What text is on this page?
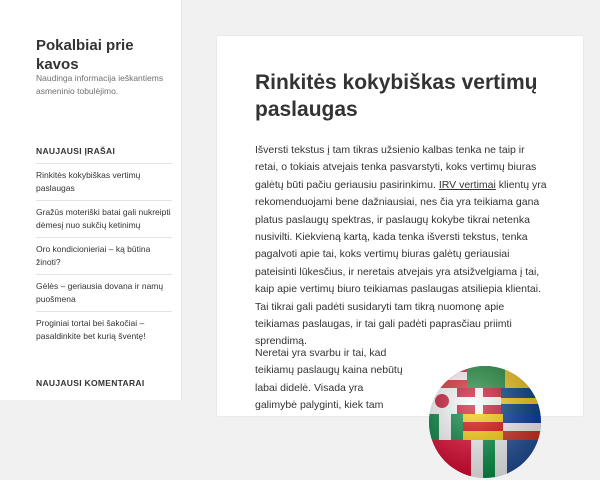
Pokalbiai prie kavos
Naudinga informacija ieškantiems asmeninio tobulėjimo.
NAUJAUSI ĮRAŠAI
Rinkitės kokybiškas vertimų paslaugas
Gražūs moteriški batai gali nukreipti dėmesį nuo sukčių ketinimų
Oro kondicionieriai – ką būtina žinoti?
Gėlės – geriausia dovana ir namų puošmena
Proginiai tortai bei šakočiai – pasaldinkite bet kurią šventę!
NAUJAUSI KOMENTARAI
Rinkitės kokybiškas vertimų paslaugas

Išversti tekstus į tam tikras užsienio kalbas tenka ne taip ir retai, o tokiais atvejais tenka pasvarstyti, koks vertimų biuras galėtų būti pačiu geriausiu pasirinkimu. IRV vertimai klientų yra rekomenduojami bene dažniausiai, nes čia yra teikiama gana platus paslaugų spektras, ir paslaugų kokybe tikrai netenka nusivilti. Kiekvieną kartą, kada tenka išversti tekstus, tenka pagalvoti apie tai, koks vertimų biuras galėtų geriausiai pateisinti lūkesčius, ir neretais atvejais yra atsižvelgiama į tai, kaip apie vertimų biuro teikiamas paslaugas atsiliepia klientai. Tai tikrai gali padėti susidaryti tam tikrą nuomonę apie teikiamas paslaugas, ir tai gali padėti paprasčiau priimti sprendimą.

Neretai yra svarbu ir tai, kad teikiamų paslaugų kaina nebūtų labai didelė. Visada yra galimybė palyginti, kiek tam
